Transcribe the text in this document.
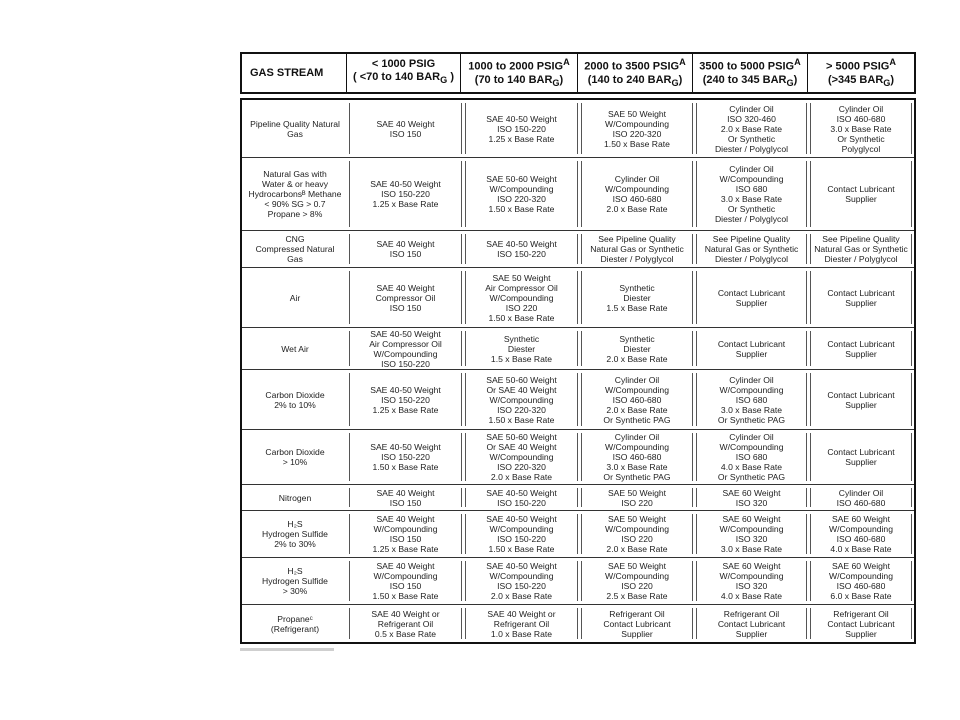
GAS STREAM
< 1000 PSIG
( <70 to 140 $BAR_G$ )
1000 to 2000 $PSIG^A$
(70 to 140 $BAR_G$)
2000 to 3500 $PSIG^A$
(140 to 240 $BAR_G$)
3500 to 5000 $PSIG^A$
(240 to 345 $BAR_G$)
> 5000 $PSIG^A$
(>345 $BAR_G$)
Pipeline Quality Natural
Gas
SAE 40 Weight
ISO 150
SAE 40-50 Weight
ISO 150-220
1.25 x Base Rate
SAE 50 Weight
W/Compounding
ISO 220-320
1.50 x Base Rate
Cylinder Oil
ISO 320-460
2.0 x Base Rate
Or Synthetic
Diester / Polyglycol
Cylinder Oil
ISO 460-680
3.0 x Base Rate
Or Synthetic
Polyglycol
Natural Gas with
Water & or heavy
Hydrocarbonsᴮ Methane
< 90% SG > 0.7
Propane > 8%
SAE 40-50 Weight
ISO 150-220
1.25 x Base Rate
SAE 50-60 Weight
W/Compounding
ISO 220-320
1.50 x Base Rate
Cylinder Oil
W/Compounding
ISO 460-680
2.0 x Base Rate
Cylinder Oil
W/Compounding
ISO 680
3.0 x Base Rate
Or Synthetic
Diester / Polyglycol
Contact Lubricant
Supplier
CNG
Compressed Natural
Gas
SAE 40 Weight
ISO 150
SAE 40-50 Weight
ISO 150-220
See Pipeline Quality
Natural Gas or Synthetic
Diester / Polyglycol
See Pipeline Quality
Natural Gas or Synthetic
Diester / Polyglycol
See Pipeline Quality
Natural Gas or Synthetic
Diester / Polyglycol
Air
SAE 40 Weight
Compressor Oil
ISO 150
SAE 50 Weight
Air Compressor Oil
W/Compounding
ISO 220
1.50 x Base Rate
Synthetic
Diester
1.5 x Base Rate
Contact Lubricant
Supplier
Contact Lubricant
Supplier
Wet Air
SAE 40-50 Weight
Air Compressor Oil
W/Compounding
ISO 150-220
Synthetic
Diester
1.5 x Base Rate
Synthetic
Diester
2.0 x Base Rate
Contact Lubricant
Supplier
Contact Lubricant
Supplier
Carbon Dioxide
2% to 10%
SAE 40-50 Weight
ISO 150-220
1.25 x Base Rate
SAE 50-60 Weight
Or SAE 40 Weight
W/Compounding
ISO 220-320
1.50 x Base Rate
Cylinder Oil
W/Compounding
ISO 460-680
2.0 x Base Rate
Or Synthetic PAG
Cylinder Oil
W/Compounding
ISO 680
3.0 x Base Rate
Or Synthetic PAG
Contact Lubricant
Supplier
Carbon Dioxide
> 10%
SAE 40-50 Weight
ISO 150-220
1.50 x Base Rate
SAE 50-60 Weight
Or SAE 40 Weight
W/Compounding
ISO 220-320
2.0 x Base Rate
Cylinder Oil
W/Compounding
ISO 460-680
3.0 x Base Rate
Or Synthetic PAG
Cylinder Oil
W/Compounding
ISO 680
4.0 x Base Rate
Or Synthetic PAG
Contact Lubricant
Supplier
Nitrogen	SAE 40 Weight
ISO 150
SAE 40-50 Weight
ISO 150-220
SAE 50 Weight
ISO 220
SAE 60 Weight
ISO 320
Cylinder Oil
ISO 460-680
H₂S
Hydrogen Sulfide
2% to 30%
SAE 40 Weight
W/Compounding
ISO 150
1.25 x Base Rate
SAE 40-50 Weight
W/Compounding
ISO 150-220
1.50 x Base Rate
SAE 50 Weight
W/Compounding
ISO 220
2.0 x Base Rate
SAE 60 Weight
W/Compounding
ISO 320
3.0 x Base Rate
SAE 60 Weight
W/Compounding
ISO 460-680
4.0 x Base Rate
H₂S
Hydrogen Sulfide
> 30%
SAE 40 Weight
W/Compounding
ISO 150
1.50 x Base Rate
SAE 40-50 Weight
W/Compounding
ISO 150-220
2.0 x Base Rate
SAE 50 Weight
W/Compounding
ISO 220
2.5 x Base Rate
SAE 60 Weight
W/Compounding
ISO 320
4.0 x Base Rate
SAE 60 Weight
W/Compounding
ISO 460-680
6.0 x Base Rate
Propaneᶜ
(Refrigerant)
SAE 40 Weight or
Refrigerant Oil
0.5 x Base Rate
SAE 40 Weight or
Refrigerant Oil
1.0 x Base Rate
Refrigerant Oil
Contact Lubricant
Supplier
Refrigerant Oil
Contact Lubricant
Supplier
Refrigerant Oil
Contact Lubricant
Supplier
